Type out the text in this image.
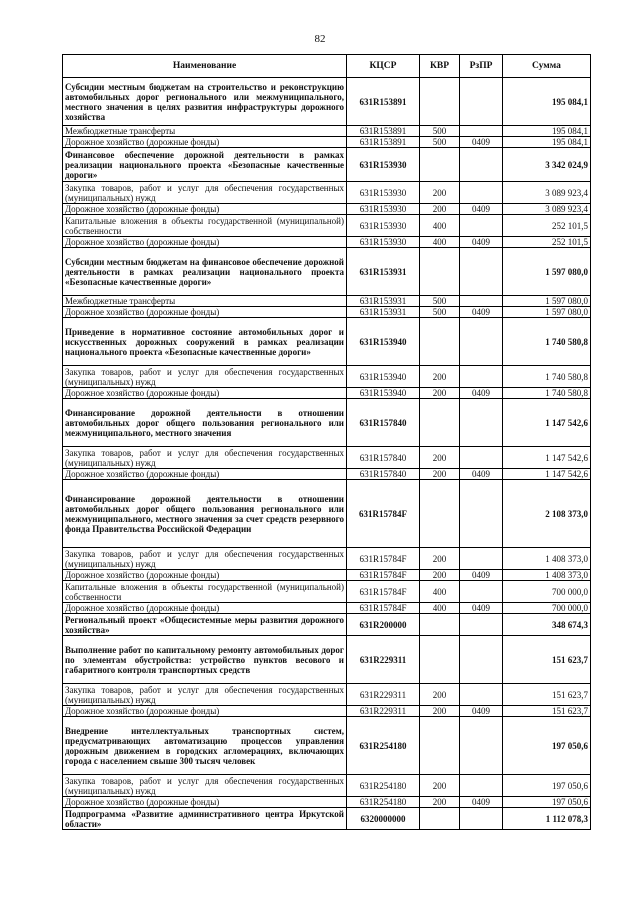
82
Наименование	КЦСР	КВР	РзПР	Сумма
Субсидии местным бюджетам на строительство и реконструкцию автомобильных дорог регионального или межмуниципального, местного значения в целях развития инфраструктуры дорожного хозяйства	631R153891			195 084,1
Межбюджетные трансферты	631R153891	500		195 084,1
Дорожное хозяйство (дорожные фонды)	631R153891	500	0409	195 084,1
Финансовое обеспечение дорожной деятельности в рамках реализации национального проекта «Безопасные качественные дороги»	631R153930			3 342 024,9
Закупка товаров, работ и услуг для обеспечения государственных (муниципальных) нужд	631R153930	200		3 089 923,4
Дорожное хозяйство (дорожные фонды)	631R153930	200	0409	3 089 923,4
Капитальные вложения в объекты государственной (муниципальной) собственности	631R153930	400		252 101,5
Дорожное хозяйство (дорожные фонды)	631R153930	400	0409	252 101,5
Субсидии местным бюджетам на финансовое обеспечение дорожной деятельности в рамках реализации национального проекта «Безопасные качественные дороги»	631R153931			1 597 080,0
Межбюджетные трансферты	631R153931	500		1 597 080,0
Дорожное хозяйство (дорожные фонды)	631R153931	500	0409	1 597 080,0
Приведение в нормативное состояние автомобильных дорог и искусственных дорожных сооружений в рамках реализации национального проекта «Безопасные качественные дороги»	631R153940			1 740 580,8
Закупка товаров, работ и услуг для обеспечения государственных (муниципальных) нужд	631R153940	200		1 740 580,8
Дорожное хозяйство (дорожные фонды)	631R153940	200	0409	1 740 580,8
Финансирование дорожной деятельности в отношении автомобильных дорог общего пользования регионального или межмуниципального, местного значения	631R157840			1 147 542,6
Закупка товаров, работ и услуг для обеспечения государственных (муниципальных) нужд	631R157840	200		1 147 542,6
Дорожное хозяйство (дорожные фонды)	631R157840	200	0409	1 147 542,6
Финансирование дорожной деятельности в отношении автомобильных дорог общего пользования регионального или межмуниципального, местного значения за счет средств резервного фонда Правительства Российской Федерации	631R15784F			2 108 373,0
Закупка товаров, работ и услуг для обеспечения государственных (муниципальных) нужд	631R15784F	200		1 408 373,0
Дорожное хозяйство (дорожные фонды)	631R15784F	200	0409	1 408 373,0
Капитальные вложения в объекты государственной (муниципальной) собственности	631R15784F	400		700 000,0
Дорожное хозяйство (дорожные фонды)	631R15784F	400	0409	700 000,0
Региональный проект «Общесистемные меры развития дорожного хозяйства»	631R200000			348 674,3
Выполнение работ по капитальному ремонту автомобильных дорог по элементам обустройства: устройство пунктов весового и габаритного контроля транспортных средств	631R229311			151 623,7
Закупка товаров, работ и услуг для обеспечения государственных (муниципальных) нужд	631R229311	200		151 623,7
Дорожное хозяйство (дорожные фонды)	631R229311	200	0409	151 623,7
Внедрение интеллектуальных транспортных систем, предусматривающих автоматизацию процессов управления дорожным движением в городских агломерациях, включающих города с населением свыше 300 тысяч человек	631R254180			197 050,6
Закупка товаров, работ и услуг для обеспечения государственных (муниципальных) нужд	631R254180	200		197 050,6
Дорожное хозяйство (дорожные фонды)	631R254180	200	0409	197 050,6
Подпрограмма «Развитие административного центра Иркутской области»	6320000000			1 112 078,3
